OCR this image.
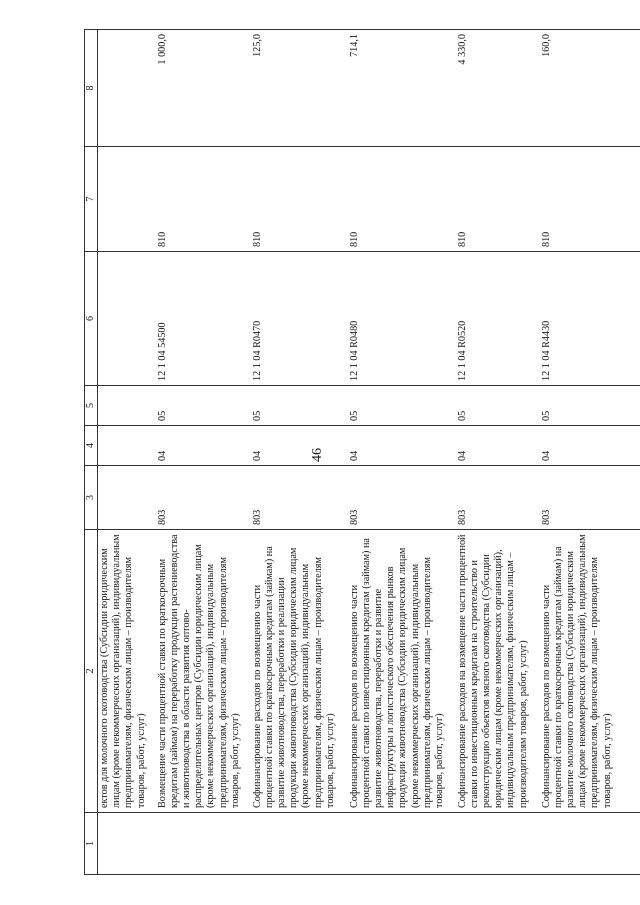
46
1	2	3	4	5	6	7	8
	ектов для молочного скотоводства (Субсидии юридическим лицам (кроме некоммерческих организаций), индивидуальным предпринимателям, физическим лицам – производителям товаров, работ, услуг)						
	Возмещение части процентной ставки по краткосрочным кредитам (займам) на переработку продукции растениеводства и животноводства в области развития оптово-распределительных центров (Субсидии юридическим лицам (кроме некоммерческих организаций), индивидуальным предпринимателям, физическим лицам – производителям товаров, работ, услуг)	803	04	05	12 1 04 54500	810	1 000,0
	Софинансирование расходов по возмещению части процентной ставки по краткосрочным кредитам (займам) на развитие животноводства, переработки и реализации продукции животноводства (Субсидии юридическим лицам (кроме некоммерческих организаций), индивидуальным предпринимателям, физическим лицам – производителям товаров, работ, услуг)	803	04	05	12 1 04 R0470	810	125,0
	Софинансирование расходов по возмещению части процентной ставки по инвестиционным кредитам (займам) на развитие животноводства, переработки и развитие инфраструктуры и логистического обеспечения рынков продукции животноводства (Субсидии юридическим лицам (кроме некоммерческих организаций), индивидуальным предпринимателям, физическим лицам – производителям товаров, работ, услуг)	803	04	05	12 1 04 R0480	810	714,1
	Софинансирование расходов на возмещение части процентной ставки по инвестиционным кредитам на строительство и реконструкцию объектов мясного скотоводства (Субсидии юридическим лицам (кроме некоммерческих организаций), индивидуальным предпринимателям, физическим лицам – производителям товаров, работ, услуг)	803	04	05	12 1 04 R0520	810	4 330,0
	Софинансирование расходов по возмещению части процентной ставки по краткосрочным кредитам (займам) на развитие молочного скотоводства (Субсидии юридическим лицам (кроме некоммерческих организаций), индивидуальным предпринимателям, физическим лицам – производителям товаров, работ, услуг)	803	04	05	12 1 04 R4430	810	160,0
